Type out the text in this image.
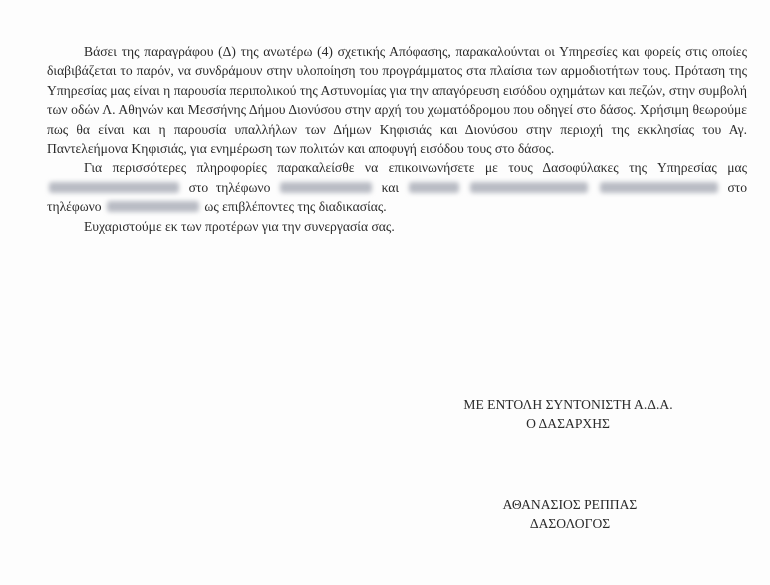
Βάσει της παραγράφου (Δ) της ανωτέρω (4) σχετικής Απόφασης, παρακαλούνται οι Υπηρεσίες και φορείς στις οποίες διαβιβάζεται το παρόν, να συνδράμουν στην υλοποίηση του προγράμματος στα πλαίσια των αρμοδιοτήτων τους. Πρόταση της Υπηρεσίας μας είναι η παρουσία περιπολικού της Αστυνομίας για την απαγόρευση εισόδου οχημάτων και πεζών, στην συμβολή των οδών Λ. Αθηνών και Μεσσήνης Δήμου Διονύσου στην αρχή του χωματόδρομου που οδηγεί στο δάσος. Χρήσιμη θεωρούμε πως θα είναι και η παρουσία υπαλλήλων των Δήμων Κηφισιάς και Διονύσου στην περιοχή της εκκλησίας του Αγ. Παντελεήμονα Κηφισιάς, για ενημέρωση των πολιτών και αποφυγή εισόδου τους στο δάσος.

Για περισσότερες πληροφορίες παρακαλείσθε να επικοινωνήσετε με τους Δασοφύλακες της Υπηρεσίας μας  στο τηλέφωνο	και	στο τηλέφωνο	ως επιβλέποντες της διαδικασίας.

Ευχαριστούμε εκ των προτέρων για την συνεργασία σας.

ΜΕ ΕΝΤΟΛΗ ΣΥΝΤΟΝΙΣΤΗ Α.Δ.Α.
Ο ΔΑΣΑΡΧΗΣ
ΑΘΑΝΑΣΙΟΣ ΡΕΠΠΑΣ
ΔΑΣΟΛΟΓΟΣ
